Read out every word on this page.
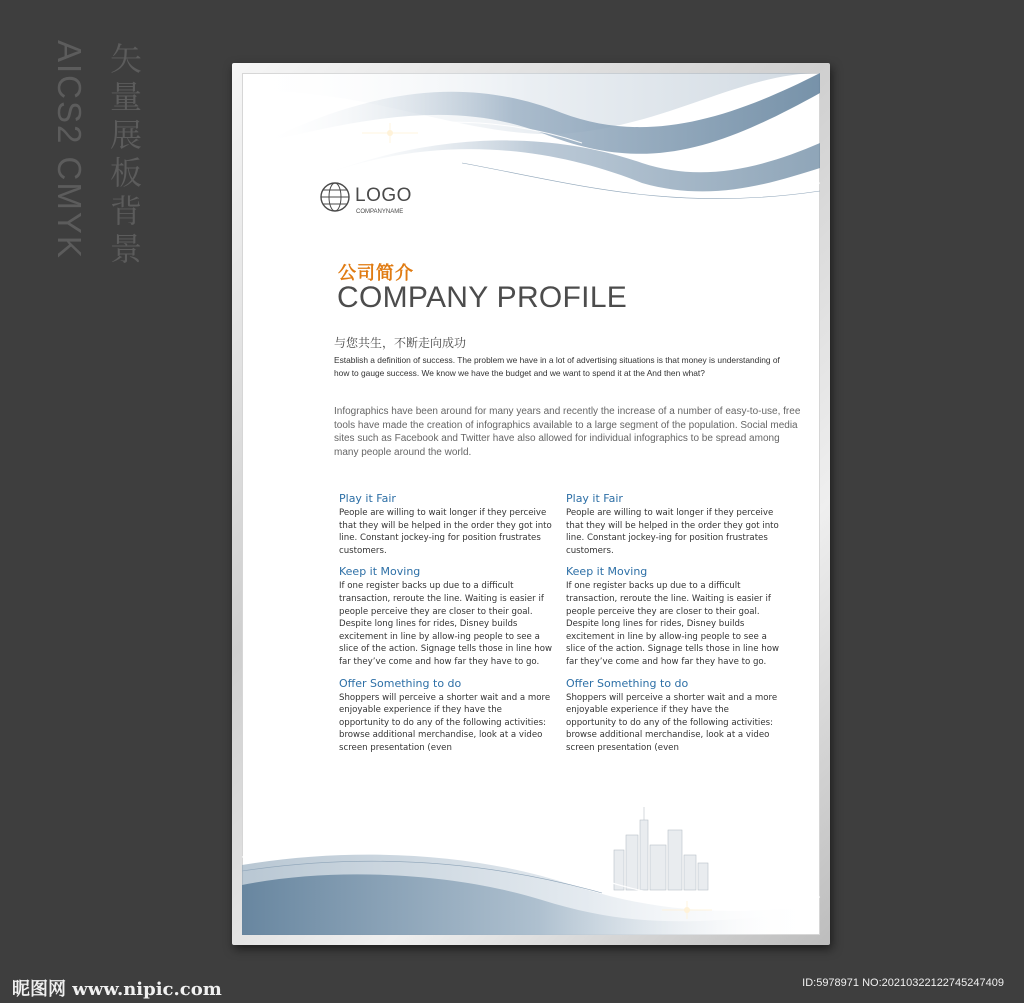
矢
量
展
板
背
景
AICS2 CMYK	LOGO
COMPANYNAME
公司简介
COMPANY PROFILE
与您共生，不断走向成功
Establish a definition of success. The problem we have in a lot of advertising situations is that money is understanding of how to gauge success. We know we have the budget and we want to spend it at the And then what?
Infographics have been around for many years and recently the increase of a number of easy-to-use, free tools have made the creation of infographics available to a large segment of the population. Social media sites such as Facebook and Twitter have also allowed for individual infographics to be spread among many people around the world.

Play it Fair

People are willing to wait longer if they perceive that they will be helped in the order they got into line. Constant jockey-ing for position frustrates customers.

Keep it Moving

If one register backs up due to a difficult transaction, reroute the line. Waiting is easier if people perceive they are closer to their goal. Despite long lines for rides, Disney builds excitement in line by allow-ing people to see a slice of the action. Signage tells those in line how far they’ve come and how far they have to go.

Offer Something to do

Shoppers will perceive a shorter wait and a more enjoyable experience if they have the opportunity to do any of the following activities: browse additional merchandise, look at a video screen presentation (even

Play it Fair

People are willing to wait longer if they perceive that they will be helped in the order they got into line. Constant jockey-ing for position frustrates customers.

Keep it Moving

If one register backs up due to a difficult transaction, reroute the line. Waiting is easier if people perceive they are closer to their goal. Despite long lines for rides, Disney builds excitement in line by allow-ing people to see a slice of the action. Signage tells those in line how far they’ve come and how far they have to go.

Offer Something to do

Shoppers will perceive a shorter wait and a more enjoyable experience if they have the opportunity to do any of the following activities: browse additional merchandise, look at a video screen presentation (even

昵图网 www.nipic.com	ID:5978971 NO:20210322122745247409
